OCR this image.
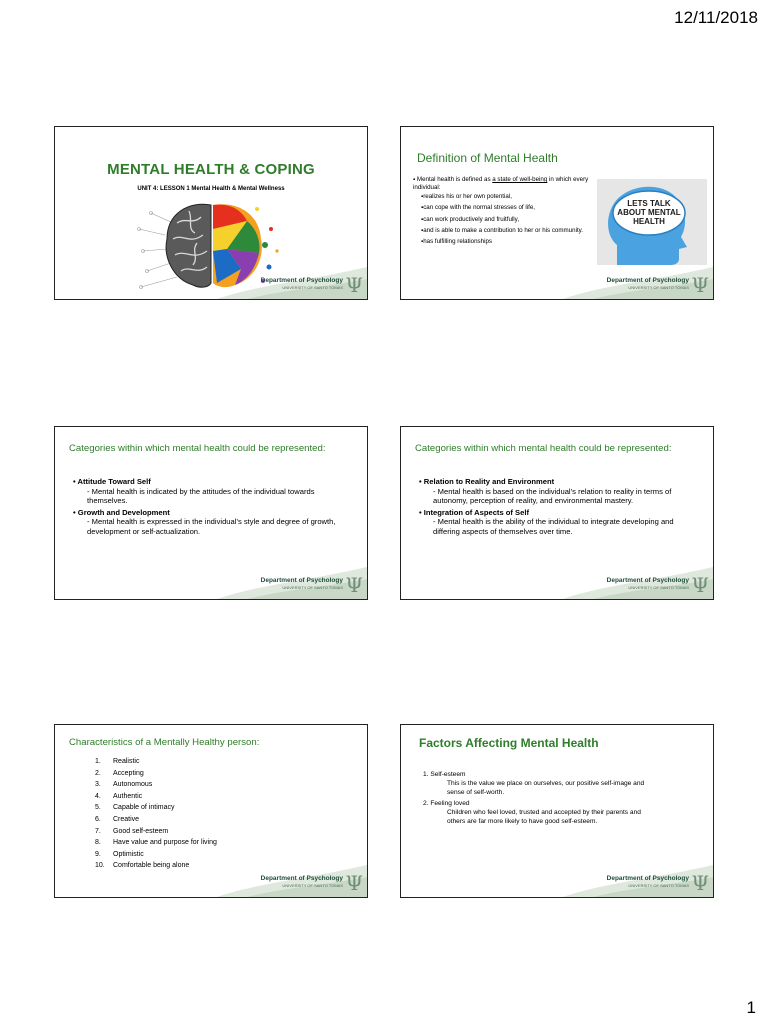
12/11/2018
MENTAL HEALTH & COPING
UNIT 4: LESSON 1 Mental Health & Mental Wellness
Department of Psychology
UNIVERSITY OF SANTO TOMAS Ψ
Definition of Mental Health
▪ Mental health is defined as a state of well-being in which every individual:
▪realizes his or her own potential,
▪can cope with the normal stresses of life,
▪can work productively and fruitfully,
▪and is able to make a contribution to her or his community.
▪has fulfilling relationships
LETS TALK
ABOUT MENTAL
HEALTH
Department of Psychology
UNIVERSITY OF SANTO TOMAS Ψ
Categories within which mental health could be represented:
• Attitude Toward Self
- Mental health is indicated by the attitudes of the individual towards themselves.
• Growth and Development
- Mental health is expressed in the individual’s style and degree of growth, development or self-actualization.
Department of Psychology
UNIVERSITY OF SANTO TOMAS Ψ
Categories within which mental health could be represented:
• Relation to Reality and Environment
- Mental health is based on the individual’s relation to reality in terms of autonomy, perception of reality, and environmental mastery.
• Integration of Aspects of Self
- Mental health is the ability of the individual to integrate developing and differing aspects of themselves over time.
Department of Psychology
UNIVERSITY OF SANTO TOMAS Ψ
Characteristics of a Mentally Healthy person:
1. Realistic
2. Accepting
3. Autonomous
4. Authentic
5. Capable of intimacy
6. Creative
7. Good self-esteem
8. Have value and purpose for living
9. Optimistic
10. Comfortable being alone
Department of Psychology
UNIVERSITY OF SANTO TOMAS Ψ
Factors Affecting Mental Health
1. Self-esteem
This is the value we place on ourselves, our positive self-image and sense of self-worth.
2. Feeling loved
Children who feel loved, trusted and accepted by their parents and others are far more likely to have good self-esteem.
Department of Psychology
UNIVERSITY OF SANTO TOMAS Ψ
1
